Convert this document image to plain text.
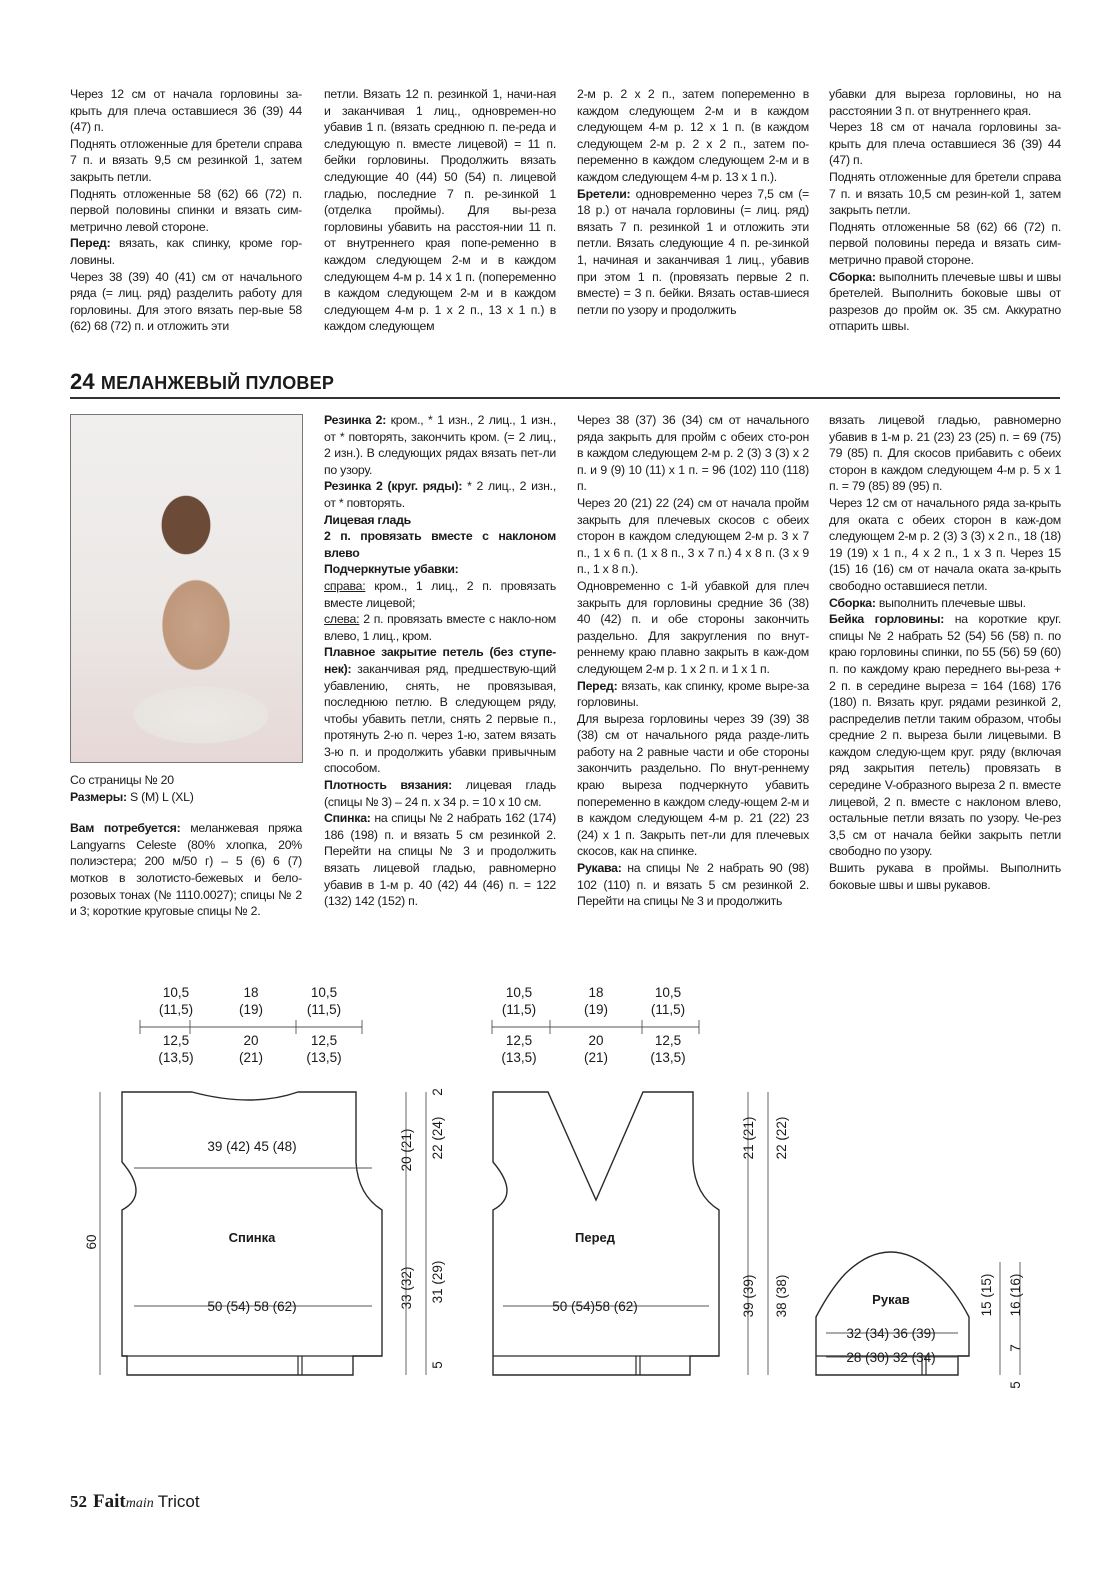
Через 12 см от начала горловины за-крыть для плеча оставшиеся 36 (39) 44 (47) п.

Поднять отложенные для бретели справа 7 п. и вязать 9,5 см резинкой 1, затем закрыть петли.

Поднять отложенные 58 (62) 66 (72) п. первой половины спинки и вязать сим-метрично левой стороне.

Перед: вязать, как спинку, кроме гор-ловины.

Через 38 (39) 40 (41) см от начального ряда (= лиц. ряд) разделить работу для горловины. Для этого вязать пер-вые 58 (62) 68 (72) п. и отложить эти

петли. Вязать 12 п. резинкой 1, начи-ная и заканчивая 1 лиц., одновремен-но убавив 1 п. (вязать среднюю п. пе-реда и следующую п. вместе лицевой) = 11 п. бейки горловины. Продолжить вязать следующие 40 (44) 50 (54) п. лицевой гладью, последние 7 п. ре-зинкой 1 (отделка проймы). Для вы-реза горловины убавить на расстоя-нии 11 п. от внутреннего края попе-ременно в каждом следующем 2-м и в каждом следующем 4-м р. 14 х 1 п. (попеременно в каждом следующем 2-м и в каждом следующем 4-м р. 1 х 2 п., 13 х 1 п.) в каждом следующем

2-м р. 2 х 2 п., затем попеременно в каждом следующем 2-м и в каждом следующем 4-м р. 12 х 1 п. (в каждом следующем 2-м р. 2 х 2 п., затем по-переменно в каждом следующем 2-м и в каждом следующем 4-м р. 13 х 1 п.).

Бретели: одновременно через 7,5 см (= 18 р.) от начала горловины (= лиц. ряд) вязать 7 п. резинкой 1 и отложить эти петли. Вязать следующие 4 п. ре-зинкой 1, начиная и заканчивая 1 лиц., убавив при этом 1 п. (провязать первые 2 п. вместе) = 3 п. бейки. Вязать остав-шиеся петли по узору и продолжить

убавки для выреза горловины, но на расстоянии 3 п. от внутреннего края.

Через 18 см от начала горловины за-крыть для плеча оставшиеся 36 (39) 44 (47) п.

Поднять отложенные для бретели справа 7 п. и вязать 10,5 см резин-кой 1, затем закрыть петли.

Поднять отложенные 58 (62) 66 (72) п. первой половины переда и вязать сим-метрично правой стороне.

Сборка: выполнить плечевые швы и швы бретелей. Выполнить боковые швы от разрезов до пройм ок. 35 см. Аккуратно отпарить швы.

24 МЕЛАНЖЕВЫЙ ПУЛОВЕР

Со страницы № 20

Размеры: S (M) L (XL)

Вам потребуется: меланжевая пряжа Langyarns Celeste (80% хлопка, 20% полиэстера; 200 м/50 г) – 5 (6) 6 (7) мотков в золотисто-бежевых и бело-розовых тонах (№ 1110.0027); спицы № 2 и 3; короткие круговые спицы № 2.

Резинка 2: кром., * 1 изн., 2 лиц., 1 изн., от * повторять, закончить кром. (= 2 лиц., 2 изн.). В следующих рядах вязать пет-ли по узору.

Резинка 2 (круг. ряды): * 2 лиц., 2 изн., от * повторять.

Лицевая гладь

2 п. провязать вместе с наклоном влево

Подчеркнутые убавки:

справа: кром., 1 лиц., 2 п. провязать вместе лицевой;

слева: 2 п. провязать вместе с накло-ном влево, 1 лиц., кром.

Плавное закрытие петель (без ступе-нек): заканчивая ряд, предшествую-щий убавлению, снять, не провязывая, последнюю петлю. В следующем ряду, чтобы убавить петли, снять 2 первые п., протянуть 2-ю п. через 1-ю, затем вязать 3-ю п. и продолжить убавки привычным способом.

Плотность вязания: лицевая гладь (спицы № 3) – 24 п. х 34 р. = 10 х 10 см.

Спинка: на спицы № 2 набрать 162 (174) 186 (198) п. и вязать 5 см резинкой 2. Перейти на спицы № 3 и продолжить вязать лицевой гладью, равномерно убавив в 1-м р. 40 (42) 44 (46) п. = 122 (132) 142 (152) п.

Через 38 (37) 36 (34) см от начального ряда закрыть для пройм с обеих сто-рон в каждом следующем 2-м р. 2 (3) 3 (3) х 2 п. и 9 (9) 10 (11) х 1 п. = 96 (102) 110 (118) п.

Через 20 (21) 22 (24) см от начала пройм закрыть для плечевых скосов с обеих сторон в каждом следующем 2-м р. 3 х 7 п., 1 х 6 п. (1 х 8 п., 3 х 7 п.) 4 х 8 п. (3 х 9 п., 1 х 8 п.).

Одновременно с 1-й убавкой для плеч закрыть для горловины средние 36 (38) 40 (42) п. и обе стороны закончить раздельно. Для закругления по внут-реннему краю плавно закрыть в каж-дом следующем 2-м р. 1 х 2 п. и 1 х 1 п.

Перед: вязать, как спинку, кроме выре-за горловины.

Для выреза горловины через 39 (39) 38 (38) см от начального ряда разде-лить работу на 2 равные части и обе стороны закончить раздельно. По внут-реннему краю выреза подчеркнуто убавить попеременно в каждом следу-ющем 2-м и в каждом следующем 4-м р. 21 (22) 23 (24) х 1 п. Закрыть пет-ли для плечевых скосов, как на спинке.

Рукава: на спицы № 2 набрать 90 (98) 102 (110) п. и вязать 5 см резинкой 2. Перейти на спицы № 3 и продолжить

вязать лицевой гладью, равномерно убавив в 1-м р. 21 (23) 23 (25) п. = 69 (75) 79 (85) п. Для скосов прибавить с обеих сторон в каждом следующем 4-м р. 5 х 1 п. = 79 (85) 89 (95) п.

Через 12 см от начального ряда за-крыть для оката с обеих сторон в каж-дом следующем 2-м р. 2 (3) 3 (3) х 2 п., 18 (18) 19 (19) х 1 п., 4 х 2 п., 1 х 3 п. Через 15 (15) 16 (16) см от начала оката за-крыть свободно оставшиеся петли.

Сборка: выполнить плечевые швы.

Бейка горловины: на короткие круг. спицы № 2 набрать 52 (54) 56 (58) п. по краю горловины спинки, по 55 (56) 59 (60) п. по каждому краю переднего вы-реза + 2 п. в середине выреза = 164 (168) 176 (180) п. Вязать круг. рядами резинкой 2, распределив петли таким образом, чтобы средние 2 п. выреза были лицевыми. В каждом следую-щем круг. ряду (включая ряд закрытия петель) провязать в середине V-образного выреза 2 п. вместе лицевой, 2 п. вместе с наклоном влево, остальные петли вязать по узору. Че-рез 3,5 см от начала бейки закрыть петли свободно по узору.

Вшить рукава в проймы. Выполнить боковые швы и швы рукавов.

10,5
(11,5)
18
(19)
10,5
(11,5)
12,5
(13,5)
20
(21)
12,5
(13,5)
39 (42) 45 (48)
Спинка
50 (54) 58 (62)
10,5
(11,5)
18
(19)
10,5
(11,5)
12,5
(13,5)
20
(21)
12,5
(13,5)
Перед
50 (54)58 (62)	Рукав
32 (34) 36 (39)
28 (30) 32 (34)
60
20 (21) 22 (24)
2
33 (32) 31 (29)
5
21 (21) 22 (22)
39 (39) 38 (38)	15 (15) 16 (16)
7
5
52 Faitmain Tricot
